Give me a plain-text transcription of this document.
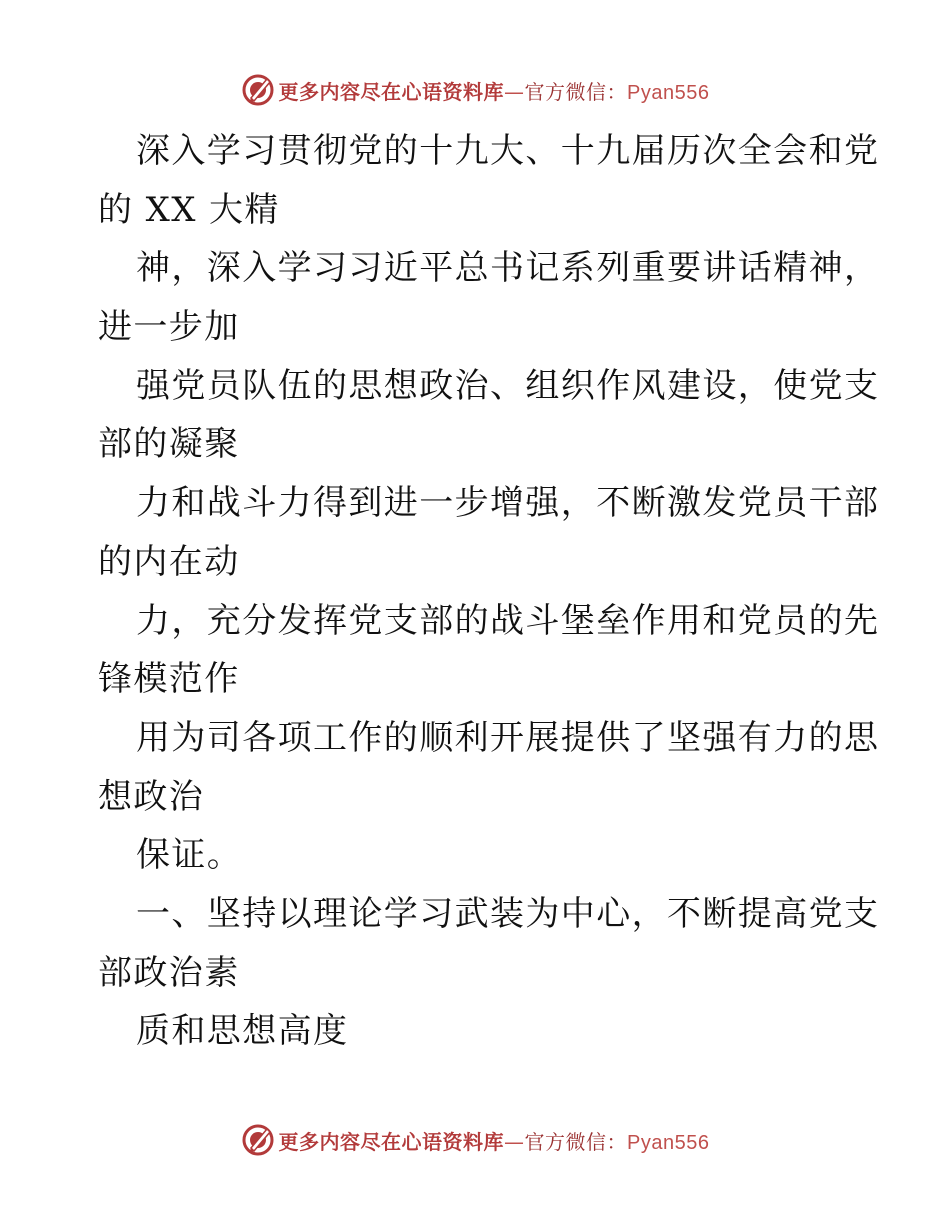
更多内容尽在心语资料库—官方微信：Pyan556
深入学习贯彻党的十九大、十九届历次全会和党
的 XX 大精
神，深入学习习近平总书记系列重要讲话精神，
进一步加
强党员队伍的思想政治、组织作风建设，使党支
部的凝聚
力和战斗力得到进一步增强，不断激发党员干部
的内在动
力，充分发挥党支部的战斗堡垒作用和党员的先
锋模范作
用为司各项工作的顺利开展提供了坚强有力的思
想政治
保证。
一、坚持以理论学习武装为中心，不断提高党支
部政治素
质和思想高度
更多内容尽在心语资料库—官方微信：Pyan556
